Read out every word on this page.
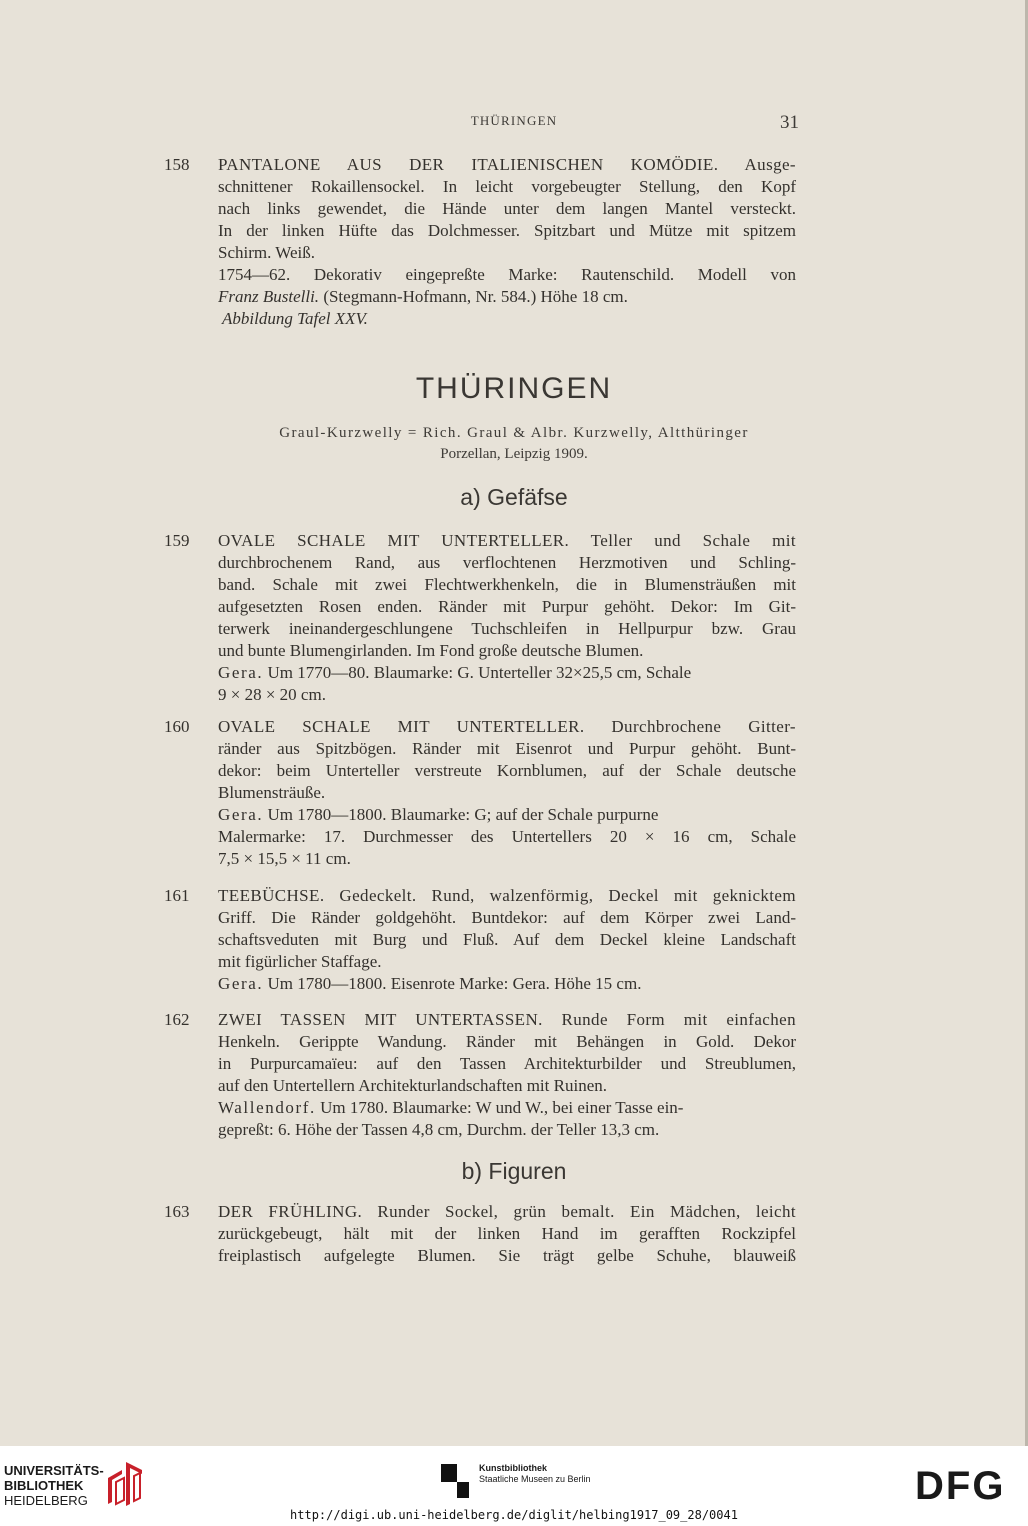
THÜRINGEN	31
158 PANTALONE AUS DER ITALIENISCHEN KOMÖDIE. Ausge-
schnittener Rokaillensockel. In leicht vorgebeugter Stellung, den Kopf
nach links gewendet, die Hände unter dem langen Mantel versteckt.
In der linken Hüfte das Dolchmesser. Spitzbart und Mütze mit spitzem
Schirm. Weiß.
1754—62. Dekorativ eingepreßte Marke: Rautenschild. Modell von
Franz Bustelli. (Stegmann-Hofmann, Nr. 584.) Höhe 18 cm.
Abbildung Tafel XXV.
THÜRINGEN
Graul-Kurzwelly = Rich. Graul & Albr. Kurzwelly, Altthüringer
Porzellan, Leipzig 1909.
a) Gefäfse
159 OVALE SCHALE MIT UNTERTELLER. Teller und Schale mit
durchbrochenem Rand, aus verflochtenen Herzmotiven und Schling-
band. Schale mit zwei Flechtwerkhenkeln, die in Blumensträußen mit
aufgesetzten Rosen enden. Ränder mit Purpur gehöht. Dekor: Im Git-
terwerk ineinandergeschlungene Tuchschleifen in Hellpurpur bzw. Grau
und bunte Blumengirlanden. Im Fond große deutsche Blumen.
Gera. Um 1770—80. Blaumarke: G. Unterteller 32×25,5 cm, Schale
9 × 28 × 20 cm.
160 OVALE SCHALE MIT UNTERTELLER. Durchbrochene Gitter-
ränder aus Spitzbögen. Ränder mit Eisenrot und Purpur gehöht. Bunt-
dekor: beim Unterteller verstreute Kornblumen, auf der Schale deutsche
Blumensträuße.
Gera. Um 1780—1800. Blaumarke: G; auf der Schale purpurne
Malermarke: 17. Durchmesser des Untertellers 20 × 16 cm, Schale
7,5 × 15,5 × 11 cm.
161 TEEBÜCHSE. Gedeckelt. Rund, walzenförmig, Deckel mit geknicktem
Griff. Die Ränder goldgehöht. Buntdekor: auf dem Körper zwei Land-
schaftsveduten mit Burg und Fluß. Auf dem Deckel kleine Landschaft
mit figürlicher Staffage.
Gera. Um 1780—1800. Eisenrote Marke: Gera. Höhe 15 cm.
162 ZWEI TASSEN MIT UNTERTASSEN. Runde Form mit einfachen
Henkeln. Gerippte Wandung. Ränder mit Behängen in Gold. Dekor
in Purpurcamaïeu: auf den Tassen Architekturbilder und Streublumen,
auf den Untertellern Architekturlandschaften mit Ruinen.
Wallendorf. Um 1780. Blaumarke: W und W., bei einer Tasse ein-
gepreßt: 6. Höhe der Tassen 4,8 cm, Durchm. der Teller 13,3 cm.
b) Figuren
163 DER FRÜHLING. Runder Sockel, grün bemalt. Ein Mädchen, leicht
zurückgebeugt, hält mit der linken Hand im gerafften Rockzipfel
freiplastisch aufgelegte Blumen. Sie trägt gelbe Schuhe, blauweiß
UNIVERSITÄTS-
BIBLIOTHEK
HEIDELBERG
Kunstbibliothek
Staatliche Museen zu Berlin	DFG
http://digi.ub.uni-heidelberg.de/diglit/helbing1917_09_28/0041
